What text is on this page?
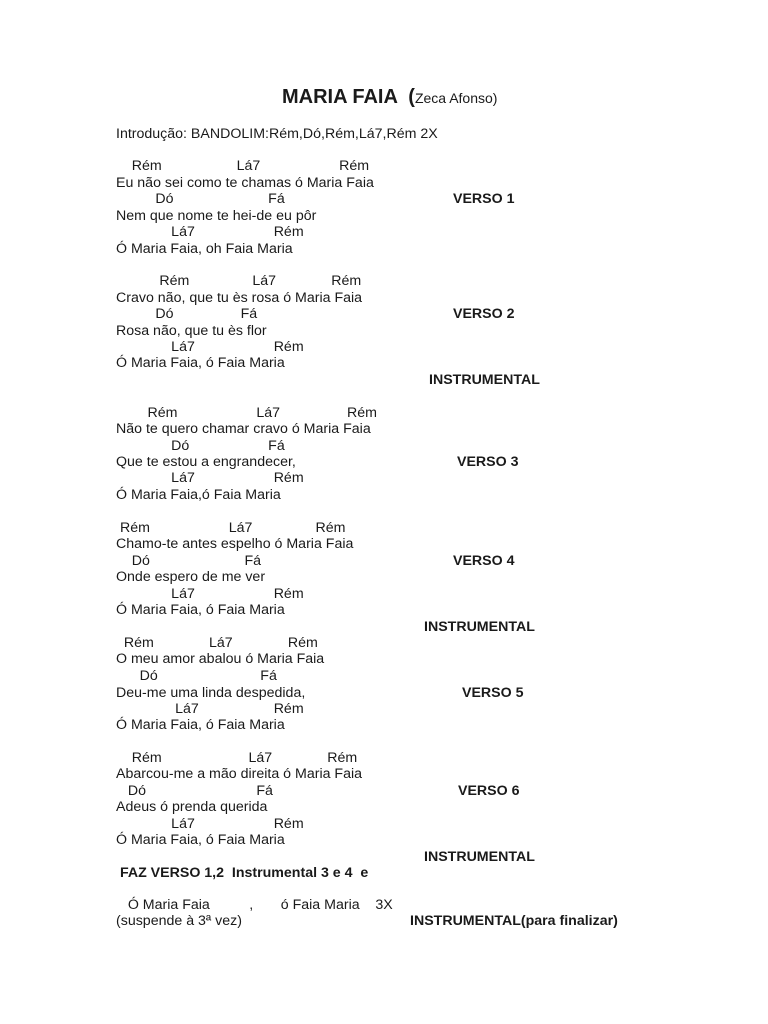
MARIA FAIA  (Zeca Afonso)
Introdução: BANDOLIM:Rém,Dó,Rém,Lá7,Rém 2X
Rém                   Lá7                    Rém
Eu não sei como te chamas ó Maria Faia
Dó                        Fá	VERSO 1
Nem que nome te hei-de eu pôr
Lá7                    Rém
Ó Maria Faia, oh Faia Maria
Rém                Lá7              Rém
Cravo não, que tu ès rosa ó Maria Faia
Dó                 Fá	VERSO 2
Rosa não, que tu ès flor
Lá7                    Rém
Ó Maria Faia, ó Faia Maria
INSTRUMENTAL
Rém                    Lá7                 Rém
Não te quero chamar cravo ó Maria Faia
Dó                    Fá
Que te estou a engrandecer,	VERSO 3
Lá7                    Rém
Ó Maria Faia,ó Faia Maria
Rém                    Lá7                Rém
Chamo-te antes espelho ó Maria Faia
Dó                        Fá	VERSO 4
Onde espero de me ver
Lá7                    Rém
Ó Maria Faia, ó Faia Maria
INSTRUMENTAL
Rém              Lá7              Rém
O meu amor abalou ó Maria Faia
Dó                          Fá
Deu-me uma linda despedida,	VERSO 5
Lá7                   Rém
Ó Maria Faia, ó Faia Maria
Rém                      Lá7              Rém
Abarcou-me a mão direita ó Maria Faia
Dó                            Fá	VERSO 6
Adeus ó prenda querida
Lá7                    Rém
Ó Maria Faia, ó Faia Maria
INSTRUMENTAL
FAZ VERSO 1,2  Instrumental 3 e 4  e
Ó Maria Faia          ,       ó Faia Maria    3X
(suspende à 3ª vez)	INSTRUMENTAL(para finalizar)
